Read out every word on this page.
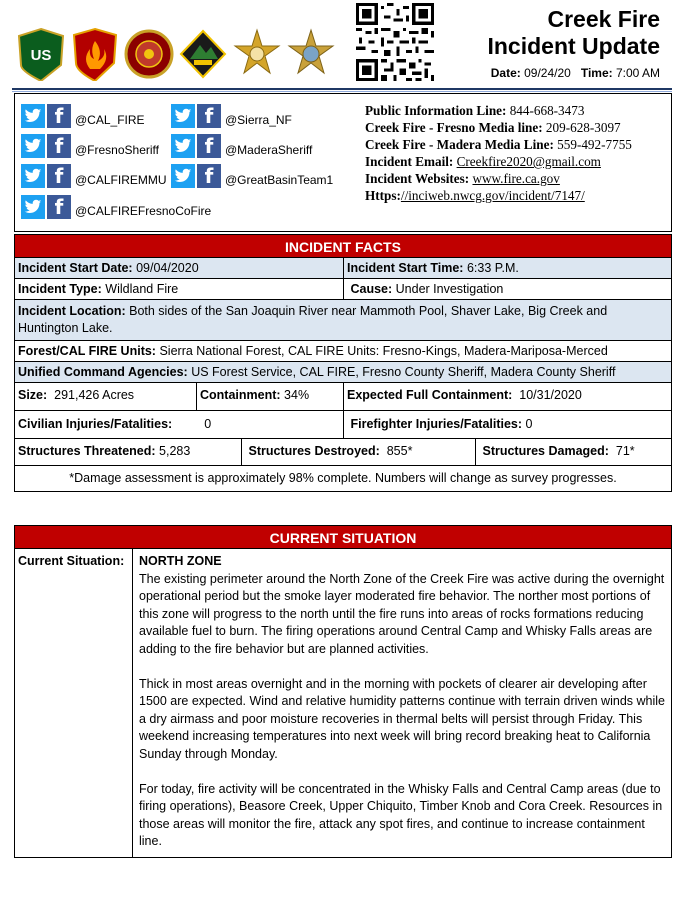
US
Creek Fire
Incident Update
Date: 09/24/20 Time: 7:00 AM
f @CAL_FIRE	f @Sierra_NF
f @FresnoSheriff	f @MaderaSheriff
f @CALFIREMMU	f @GreatBasinTeam1
f @CALFIREFresnoCoFire
Public Information Line: 844-668-3473
Creek Fire - Fresno Media line: 209-628-3097
Creek Fire - Madera Media Line: 559-492-7755
Incident Email: Creekfire2020@gmail.com
Incident Websites: www.fire.ca.gov
Https://inciweb.nwcg.gov/incident/7147/
INCIDENT FACTS
Incident Start Date: 09/04/2020	Incident Start Time: 6:33 P.M.
Incident Type: Wildland Fire	Cause: Under Investigation
Incident Location: Both sides of the San Joaquin River near Mammoth Pool, Shaver Lake, Big Creek and Huntington Lake.
Forest/CAL FIRE Units: Sierra National Forest, CAL FIRE Units: Fresno-Kings, Madera-Mariposa-Merced
Unified Command Agencies: US Forest Service, CAL FIRE, Fresno County Sheriff, Madera County Sheriff
Size: 291,426 Acres	Containment: 34%	Expected Full Containment: 10/31/2020
Civilian Injuries/Fatalities:	0	Firefighter Injuries/Fatalities: 0
Structures Threatened: 5,283	Structures Destroyed: 855*	Structures Damaged: 71*
*Damage assessment is approximately 98% complete. Numbers will change as survey progresses.
CURRENT SITUATION
Current Situation:	NORTH ZONE

The existing perimeter around the North Zone of the Creek Fire was active during the overnight operational period but the smoke layer moderated fire behavior. The norther most portions of this zone will progress to the north until the fire runs into areas of rocks formations reducing available fuel to burn. The firing operations around Central Camp and Whisky Falls areas are adding to the fire behavior but are planned activities.

Thick in most areas overnight and in the morning with pockets of clearer air developing after 1500 are expected. Wind and relative humidity patterns continue with terrain driven winds while a dry airmass and poor moisture recoveries in thermal belts will persist through Friday. This weekend increasing temperatures into next week will bring record breaking heat to California Sunday through Monday.

For today, fire activity will be concentrated in the Whisky Falls and Central Camp areas (due to firing operations), Beasore Creek, Upper Chiquito, Timber Knob and Cora Creek. Resources in those areas will monitor the fire, attack any spot fires, and continue to increase containment line.
